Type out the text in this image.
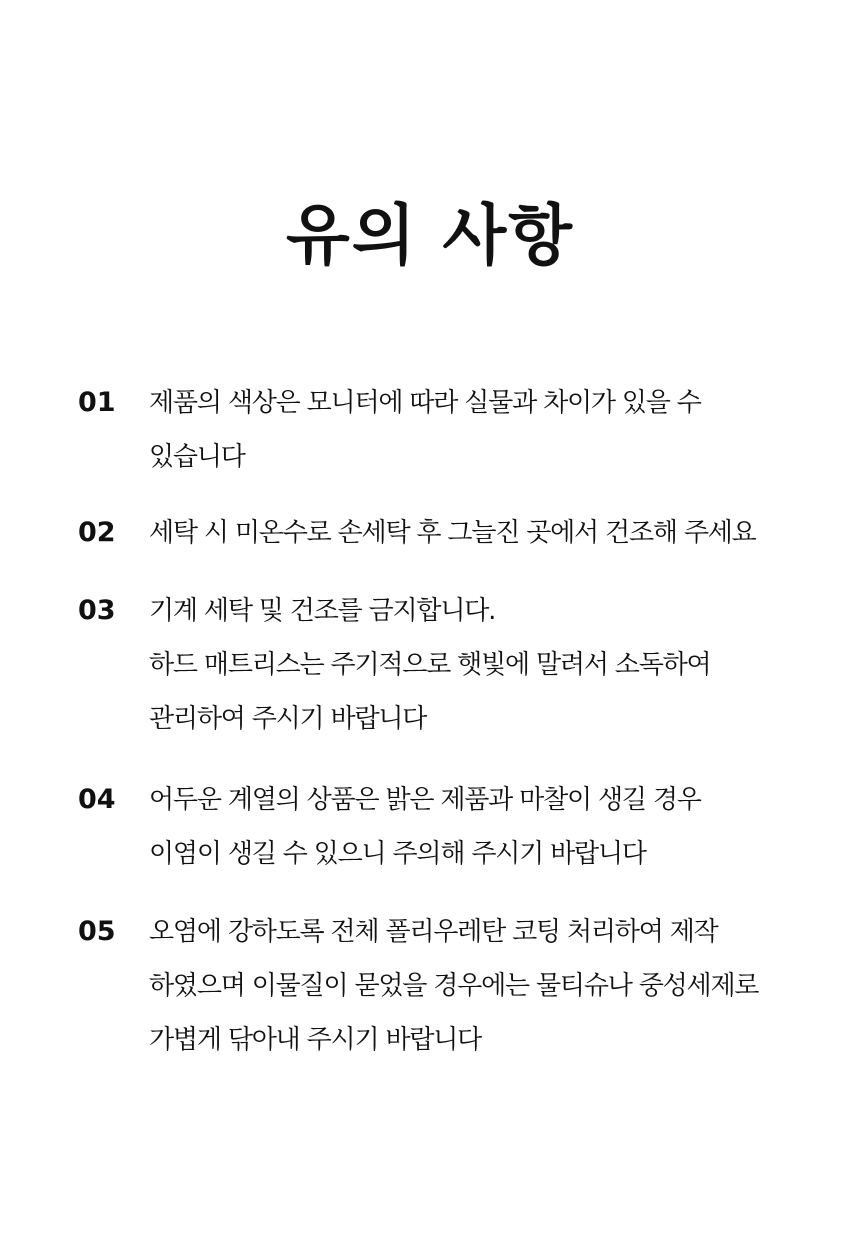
유의 사항
01 제품의 색상은 모니터에 따라 실물과 차이가 있을 수
있습니다
02 세탁 시 미온수로 손세탁 후 그늘진 곳에서 건조해 주세요
03 기계 세탁 및 건조를 금지합니다.
하드 매트리스는 주기적으로 햇빛에 말려서 소독하여
관리하여 주시기 바랍니다
04 어두운 계열의 상품은 밝은 제품과 마찰이 생길 경우
이염이 생길 수 있으니 주의해 주시기 바랍니다
05 오염에 강하도록 전체 폴리우레탄 코팅 처리하여 제작
하였으며 이물질이 묻었을 경우에는 물티슈나 중성세제로
가볍게 닦아내 주시기 바랍니다
